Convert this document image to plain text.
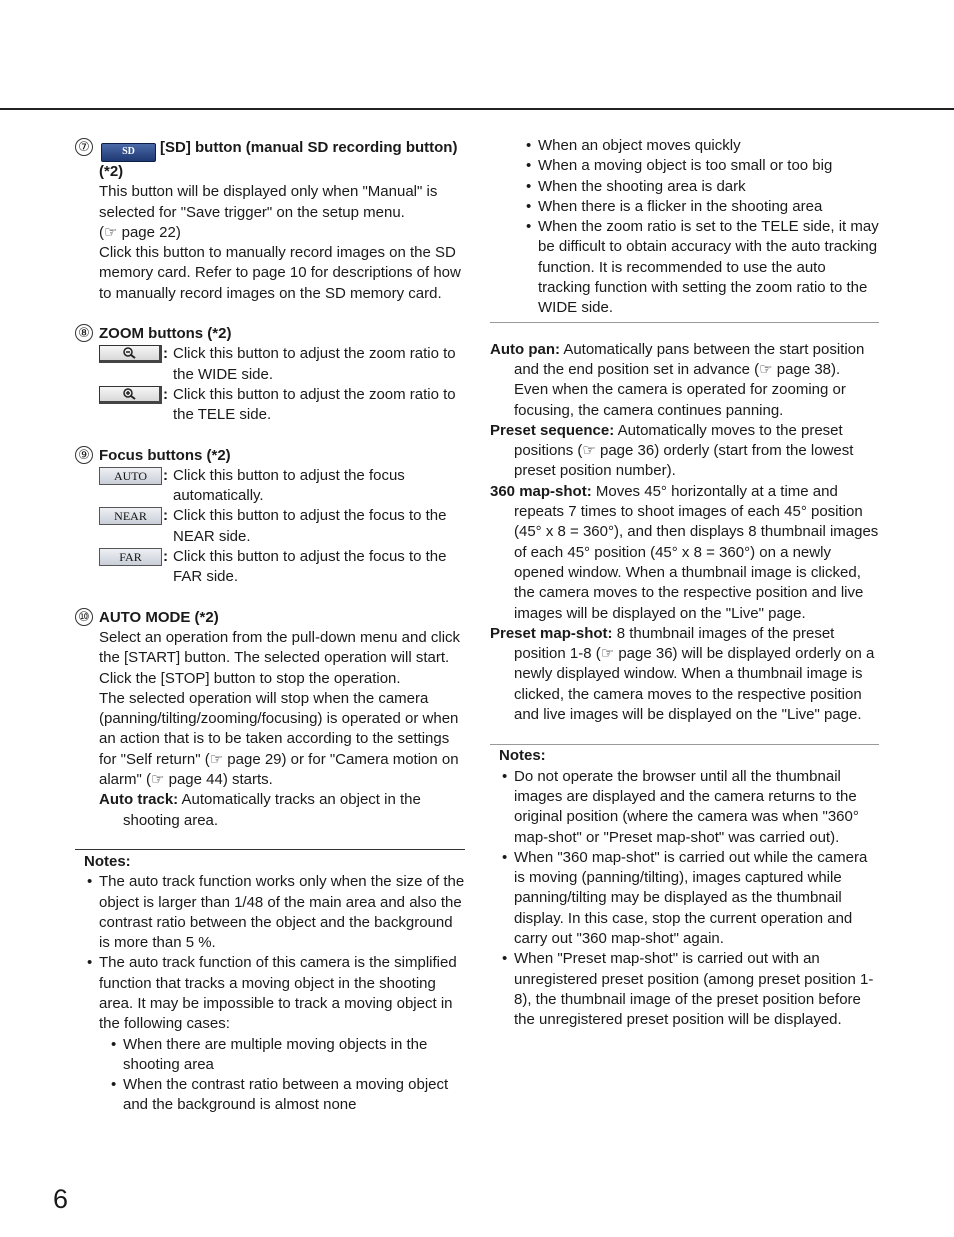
⑦	SD [SD] button (manual SD recording button) (*2)

This button will be displayed only when "Manual" is selected for "Save trigger" on the setup menu.

(☞ page 22)

Click this button to manually record images on the SD memory card. Refer to page 10 for descriptions of how to manually record images on the SD memory card.

⑧ ZOOM buttons (*2)

: Click this button to adjust the zoom ratio to the WIDE side.

: Click this button to adjust the zoom ratio to the TELE side.

⑨ Focus buttons (*2)

AUTO	: Click this button to adjust the focus automatically.

NEAR	: Click this button to adjust the focus to the NEAR side.

FAR	: Click this button to adjust the focus to the FAR side.

⑩ AUTO MODE (*2)

Select an operation from the pull-down menu and click the [START] button. The selected operation will start.

Click the [STOP] button to stop the operation.

The selected operation will stop when the camera (panning/tilting/zooming/focusing) is operated or when an action that is to be taken according to the settings for "Self return" (☞ page 29) or for "Camera motion on alarm" (☞ page 44) starts.

Auto track: Automatically tracks an object in the shooting area.

Notes:

• The auto track function works only when the size of the object is larger than 1/48 of the main area and also the contrast ratio between the object and the background is more than 5 %.
• The auto track function of this camera is the simplified function that tracks a moving object in the shooting area. It may be impossible to track a moving object in the following cases:
• When there are multiple moving objects in the shooting area
• When the contrast ratio between a moving object and the background is almost none
• When an object moves quickly
• When a moving object is too small or too big
• When the shooting area is dark
• When there is a flicker in the shooting area
• When the zoom ratio is set to the TELE side, it may be difficult to obtain accuracy with the auto tracking function. It is recommended to use the auto tracking function with setting the zoom ratio to the WIDE side.

Auto pan: Automatically pans between the start position and the end position set in advance (☞ page 38).

Even when the camera is operated for zooming or focusing, the camera continues panning.

Preset sequence: Automatically moves to the preset positions (☞ page 36) orderly (start from the lowest preset position number).

360 map-shot: Moves 45° horizontally at a time and repeats 7 times to shoot images of each 45° position (45° x 8 = 360°), and then displays 8 thumbnail images of each 45° position (45° x 8 = 360°) on a newly opened window. When a thumbnail image is clicked, the camera moves to the respective position and live images will be displayed on the "Live" page.

Preset map-shot: 8 thumbnail images of the preset position 1-8 (☞ page 36) will be displayed orderly on a newly displayed window. When a thumbnail image is clicked, the camera moves to the respective position and live images will be displayed on the "Live" page.

Notes:

• Do not operate the browser until all the thumbnail images are displayed and the camera returns to the original position (where the camera was when "360° map-shot" or "Preset map-shot" was carried out).
• When "360 map-shot" is carried out while the camera is moving (panning/tilting), images captured while panning/tilting may be displayed as the thumbnail display. In this case, stop the current operation and carry out "360 map-shot" again.
• When "Preset map-shot" is carried out with an unregistered preset position (among preset position 1-8), the thumbnail image of the preset position before the unregistered preset position will be displayed.
6
